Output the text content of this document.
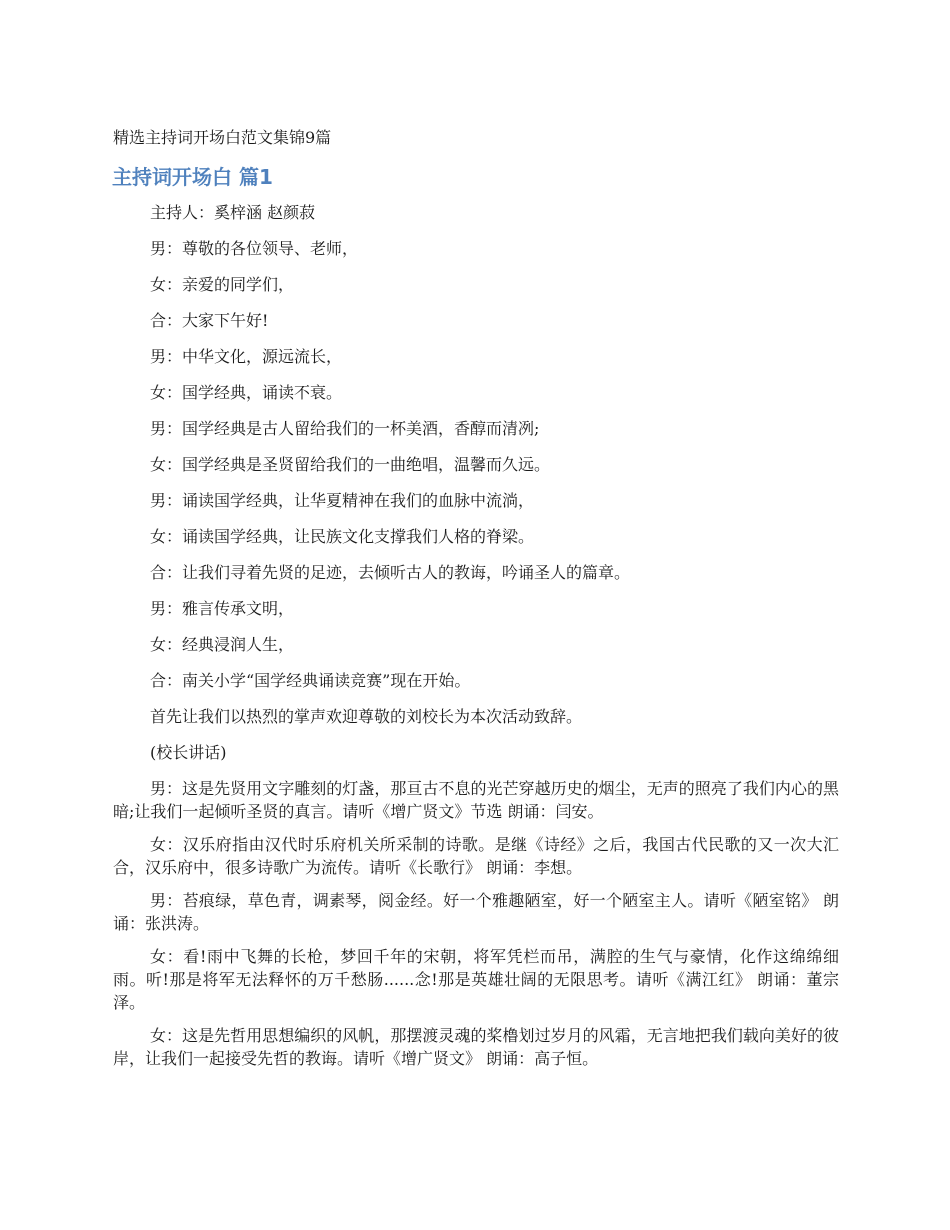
精选主持词开场白范文集锦9篇

主持词开场白 篇1

主持人：奚梓涵 赵颜菽

男：尊敬的各位领导、老师，

女：亲爱的同学们，

合：大家下午好!

男：中华文化，源远流长，

女：国学经典，诵读不衰。

男：国学经典是古人留给我们的一杯美酒，香醇而清冽;

女：国学经典是圣贤留给我们的一曲绝唱，温馨而久远。

男：诵读国学经典，让华夏精神在我们的血脉中流淌，

女：诵读国学经典，让民族文化支撑我们人格的脊梁。

合：让我们寻着先贤的足迹，去倾听古人的教诲，吟诵圣人的篇章。

男：雅言传承文明，

女：经典浸润人生，

合：南关小学“国学经典诵读竞赛”现在开始。

首先让我们以热烈的掌声欢迎尊敬的刘校长为本次活动致辞。

(校长讲话)

男：这是先贤用文字雕刻的灯盏，那亘古不息的光芒穿越历史的烟尘，无声的照亮了我们内心的黑暗;让我们一起倾听圣贤的真言。请听《增广贤文》节选 朗诵：闫安。

女：汉乐府指由汉代时乐府机关所采制的诗歌。是继《诗经》之后，我国古代民歌的又一次大汇合，汉乐府中，很多诗歌广为流传。请听《长歌行》 朗诵：李想。

男：苔痕绿，草色青，调素琴，阅金经。好一个雅趣陋室，好一个陋室主人。请听《陋室铭》 朗诵：张洪涛。

女：看!雨中飞舞的长枪，梦回千年的宋朝，将军凭栏而吊，满腔的生气与豪情，化作这绵绵细雨。听!那是将军无法释怀的万千愁肠......念!那是英雄壮阔的无限思考。请听《满江红》 朗诵：董宗泽。

女：这是先哲用思想编织的风帆，那摆渡灵魂的桨橹划过岁月的风霜，无言地把我们载向美好的彼岸，让我们一起接受先哲的教诲。请听《增广贤文》 朗诵：高子恒。
